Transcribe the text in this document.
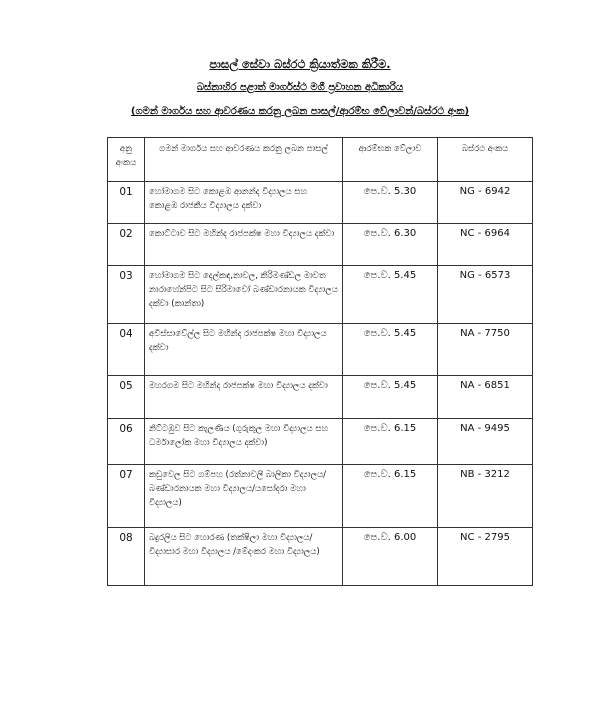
පාසල් සේවා බස්රථ ක්‍රියාත්මක කිරීම.
බස්නාහිර පළාත් මාර්ගස්ථ මගී ප්‍රවාහන අධිකාරිය
(ගමන් මාර්ගය සහ ආවරණය කරනු ලබන පාසල්/ආරම්භ වේලාවන්/බස්රථ අංක)
අනු අංකය	ගමන් මාර්ගය සහ ආවරණය කරනු ලබන පාසල්	ආරම්භක වේලාව	බස්රථ අංකය
01	හෝමාගම සිට කොළඹ ආනන්ද විද්‍යාලය සහ කොළඹ රාජකීය විද්‍යාලය දක්වා	පෙ.ව. 5.30	NG - 6942
02	කොට්ටාව සිට මහින්ද රාජපක්ෂ මහා විද්‍යාලය දක්වා	පෙ.ව. 6.30	NC - 6964
03	හෝමාගම සිට දෙල්කඳ,නාවල, කිරිමණ්ඩල මාවත නාරාහේන්පිට සිට සිරිමාවෝ බණ්ඩාරනායක විද්‍යාලය දක්වා (කාන්තා)	පෙ.ව. 5.45	NG - 6573
04	අවිස්සාවේල්ල සිට මහින්ද රාජපක්ෂ මහා විද්‍යාලය දක්වා	පෙ.ව. 5.45	NA - 7750
05	මහරගම සිට මහින්ද රාජපක්ෂ මහා විද්‍යාලය දක්වා	පෙ.ව. 5.45	NA - 6851
06	නිට්ටඹුව සිට කැලණිය (ගුරුකුල මහා විද්‍යාලය සහ ධර්මාලෝක මහා විද්‍යාලය දක්වා)	පෙ.ව. 6.15	NA - 9495
07	කඩුවෙල සිට ගම්පහ (රත්නාවලී බාලිකා විද්‍යාලය/බණ්ඩාරනායක මහා විද්‍යාලය/යසෝදරා මහා විද්‍යාලය)	පෙ.ව. 6.15	NB - 3212
08	බදුරලිය සිට හොරණ (තක්ෂිලා මහා විද්‍යාලය/විද්‍යාසාර මහා විද්‍යාලය /මේදංකර මහා විද්‍යාලය)	පෙ.ව. 6.00	NC - 2795
